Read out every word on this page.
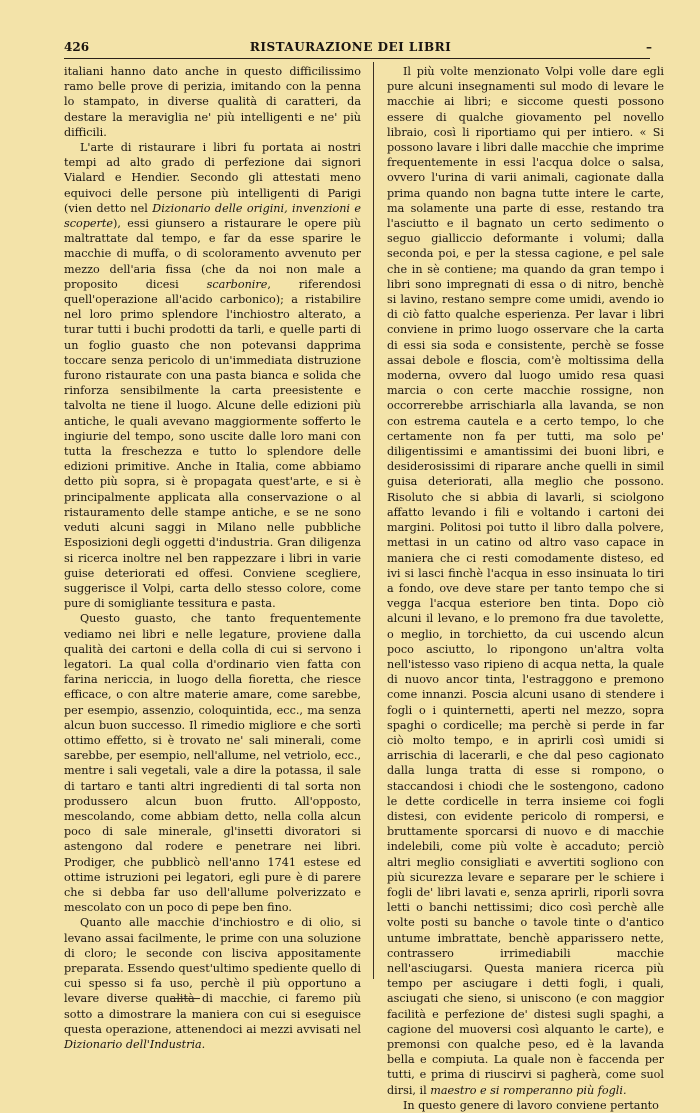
426	RISTAURAZIONE DEI LIBRI	–

italiani hanno dato anche in questo difficilissimo ramo belle prove di perizia, imitando con la penna lo stampato, in diverse qualità di caratteri, da destare la meraviglia ne' più intelligenti e ne' più difficili.

L'arte di ristaurare i libri fu portata ai nostri tempi ad alto grado di perfezione dai signori Vialard e Hendier. Secondo gli attestati meno equivoci delle persone più intelligenti di Parigi (vien detto nel Dizionario delle origini, invenzioni e scoperte), essi giunsero a ristaurare le opere più maltrattate dal tempo, e far da esse sparire le macchie di muffa, o di scoloramento avvenuto per mezzo dell'aria fissa (che da noi non male a proposito dicesi scarbonire, riferendosi quell'operazione all'acido carbonico); a ristabilire nel loro primo splendore l'inchiostro alterato, a turar tutti i buchi prodotti da tarli, e quelle parti di un foglio guasto che non potevansi dapprima toccare senza pericolo di un'immediata distruzione furono ristaurate con una pasta bianca e solida che rinforza sensibilmente la carta preesistente e talvolta ne tiene il luogo. Alcune delle edizioni più antiche, le quali avevano maggiormente sofferto le ingiurie del tempo, sono uscite dalle loro mani con tutta la freschezza e tutto lo splendore delle edizioni primitive. Anche in Italia, come abbiamo detto più sopra, si è propagata quest'arte, e si è principalmente applicata alla conservazione o al ristauramento delle stampe antiche, e se ne sono veduti alcuni saggi in Milano nelle pubbliche Esposizioni degli oggetti d'industria. Gran diligenza si ricerca inoltre nel ben rappezzare i libri in varie guise deteriorati ed offesi. Conviene scegliere, suggerisce il Volpi, carta dello stesso colore, come pure di somigliante tessitura e pasta.

Questo guasto, che tanto frequentemente vediamo nei libri e nelle legature, proviene dalla qualità dei cartoni e della colla di cui si servono i legatori. La qual colla d'ordinario vien fatta con farina nericcia, in luogo della fioretta, che riesce efficace, o con altre materie amare, come sarebbe, per esempio, assenzio, coloquintida, ecc., ma senza alcun buon successo. Il rimedio migliore e che sortì ottimo effetto, si è trovato ne' sali minerali, come sarebbe, per esempio, nell'allume, nel vetriolo, ecc., mentre i sali vegetali, vale a dire la potassa, il sale di tartaro e tanti altri ingredienti di tal sorta non produssero alcun buon frutto. All'opposto, mescolando, come abbiam detto, nella colla alcun poco di sale minerale, gl'insetti divoratori si astengono dal rodere e penetrare nei libri. Prodiger, che pubblicò nell'anno 1741 estese ed ottime istruzioni pei legatori, egli pure è di parere che si debba far uso dell'allume polverizzato e mescolato con un poco di pepe ben fino.

Quanto alle macchie d'inchiostro e di olio, si levano assai facilmente, le prime con una soluzione di cloro; le seconde con lisciva appositamente preparata. Essendo quest'ultimo spediente quello di cui spesso si fa uso, perchè il più opportuno a levare diverse qualità di macchie, ci faremo più sotto a dimostrare la maniera con cui si eseguisce questa operazione, attenendoci ai mezzi avvisati nel Dizionario dell'Industria.

Il più volte menzionato Volpi volle dare egli pure alcuni insegnamenti sul modo di levare le macchie ai libri; e siccome questi possono essere di qualche giovamento pel novello libraio, così li riportiamo qui per intiero. « Si possono lavare i libri dalle macchie che imprime frequentemente in essi l'acqua dolce o salsa, ovvero l'urina di varii animali, cagionate dalla prima quando non bagna tutte intere le carte, ma solamente una parte di esse, restando tra l'asciutto e il bagnato un certo sedimento o seguo gialliccio deformante i volumi; dalla seconda poi, e per la stessa cagione, e pel sale che in sè contiene; ma quando da gran tempo i libri sono impregnati di essa o di nitro, benchè si lavino, restano sempre come umidi, avendo io di ciò fatto qualche esperienza. Per lavar i libri conviene in primo luogo osservare che la carta di essi sia soda e consistente, perchè se fosse assai debole e floscia, com'è moltissima della moderna, ovvero dal luogo umido resa quasi marcia o con certe macchie rossigne, non occorrerebbe arrischiarla alla lavanda, se non con estrema cautela e a certo tempo, lo che certamente non fa per tutti, ma solo pe' diligentissimi e amantissimi dei buoni libri, e desiderosissimi di riparare anche quelli in simil guisa deteriorati, alla meglio che possono. Risoluto che si abbia di lavarli, si sciolgono affatto levando i fili e voltando i cartoni dei margini. Politosi poi tutto il libro dalla polvere, mettasi in un catino od altro vaso capace in maniera che ci resti comodamente disteso, ed ivi si lasci finchè l'acqua in esso insinuata lo tiri a fondo, ove deve stare per tanto tempo che si vegga l'acqua esteriore ben tinta. Dopo ciò alcuni il levano, e lo premono fra due tavolette, o meglio, in torchietto, da cui uscendo alcun poco asciutto, lo ripongono un'altra volta nell'istesso vaso ripieno di acqua netta, la quale di nuovo ancor tinta, l'estraggono e premono come innanzi. Poscia alcuni usano di stendere i fogli o i quinternetti, aperti nel mezzo, sopra spaghi o cordicelle; ma perchè si perde in far ciò molto tempo, e in aprirli così umidi si arrischia di lacerarli, e che dal peso cagionato dalla lunga tratta di esse si rompono, o staccandosi i chiodi che le sostengono, cadono le dette cordicelle in terra insieme coi fogli distesi, con evidente pericolo di rompersi, e bruttamente sporcarsi di nuovo e di macchie indelebili, come più volte è accaduto; perciò altri meglio consigliati e avvertiti sogliono con più sicurezza levare e separare per le schiere i fogli de' libri lavati e, senza aprirli, riporli sovra letti o banchi nettissimi; dico così perchè alle volte posti su banche o tavole tinte o d'antico untume imbrattate, benchè apparissero nette, contrassero irrimediabili macchie nell'asciugarsi. Questa maniera ricerca più tempo per asciugare i detti fogli, i quali, asciugati che sieno, si uniscono (e con maggior facilità e perfezione de' distesi sugli spaghi, a cagione del muoversi così alquanto le carte), e premonsi con qualche peso, ed è la lavanda bella e compiuta. La quale non è faccenda per tutti, e prima di riuscirvi si pagherà, come suol dirsi, il maestro e si romperanno più fogli.

In questo genere di lavoro conviene pertanto
